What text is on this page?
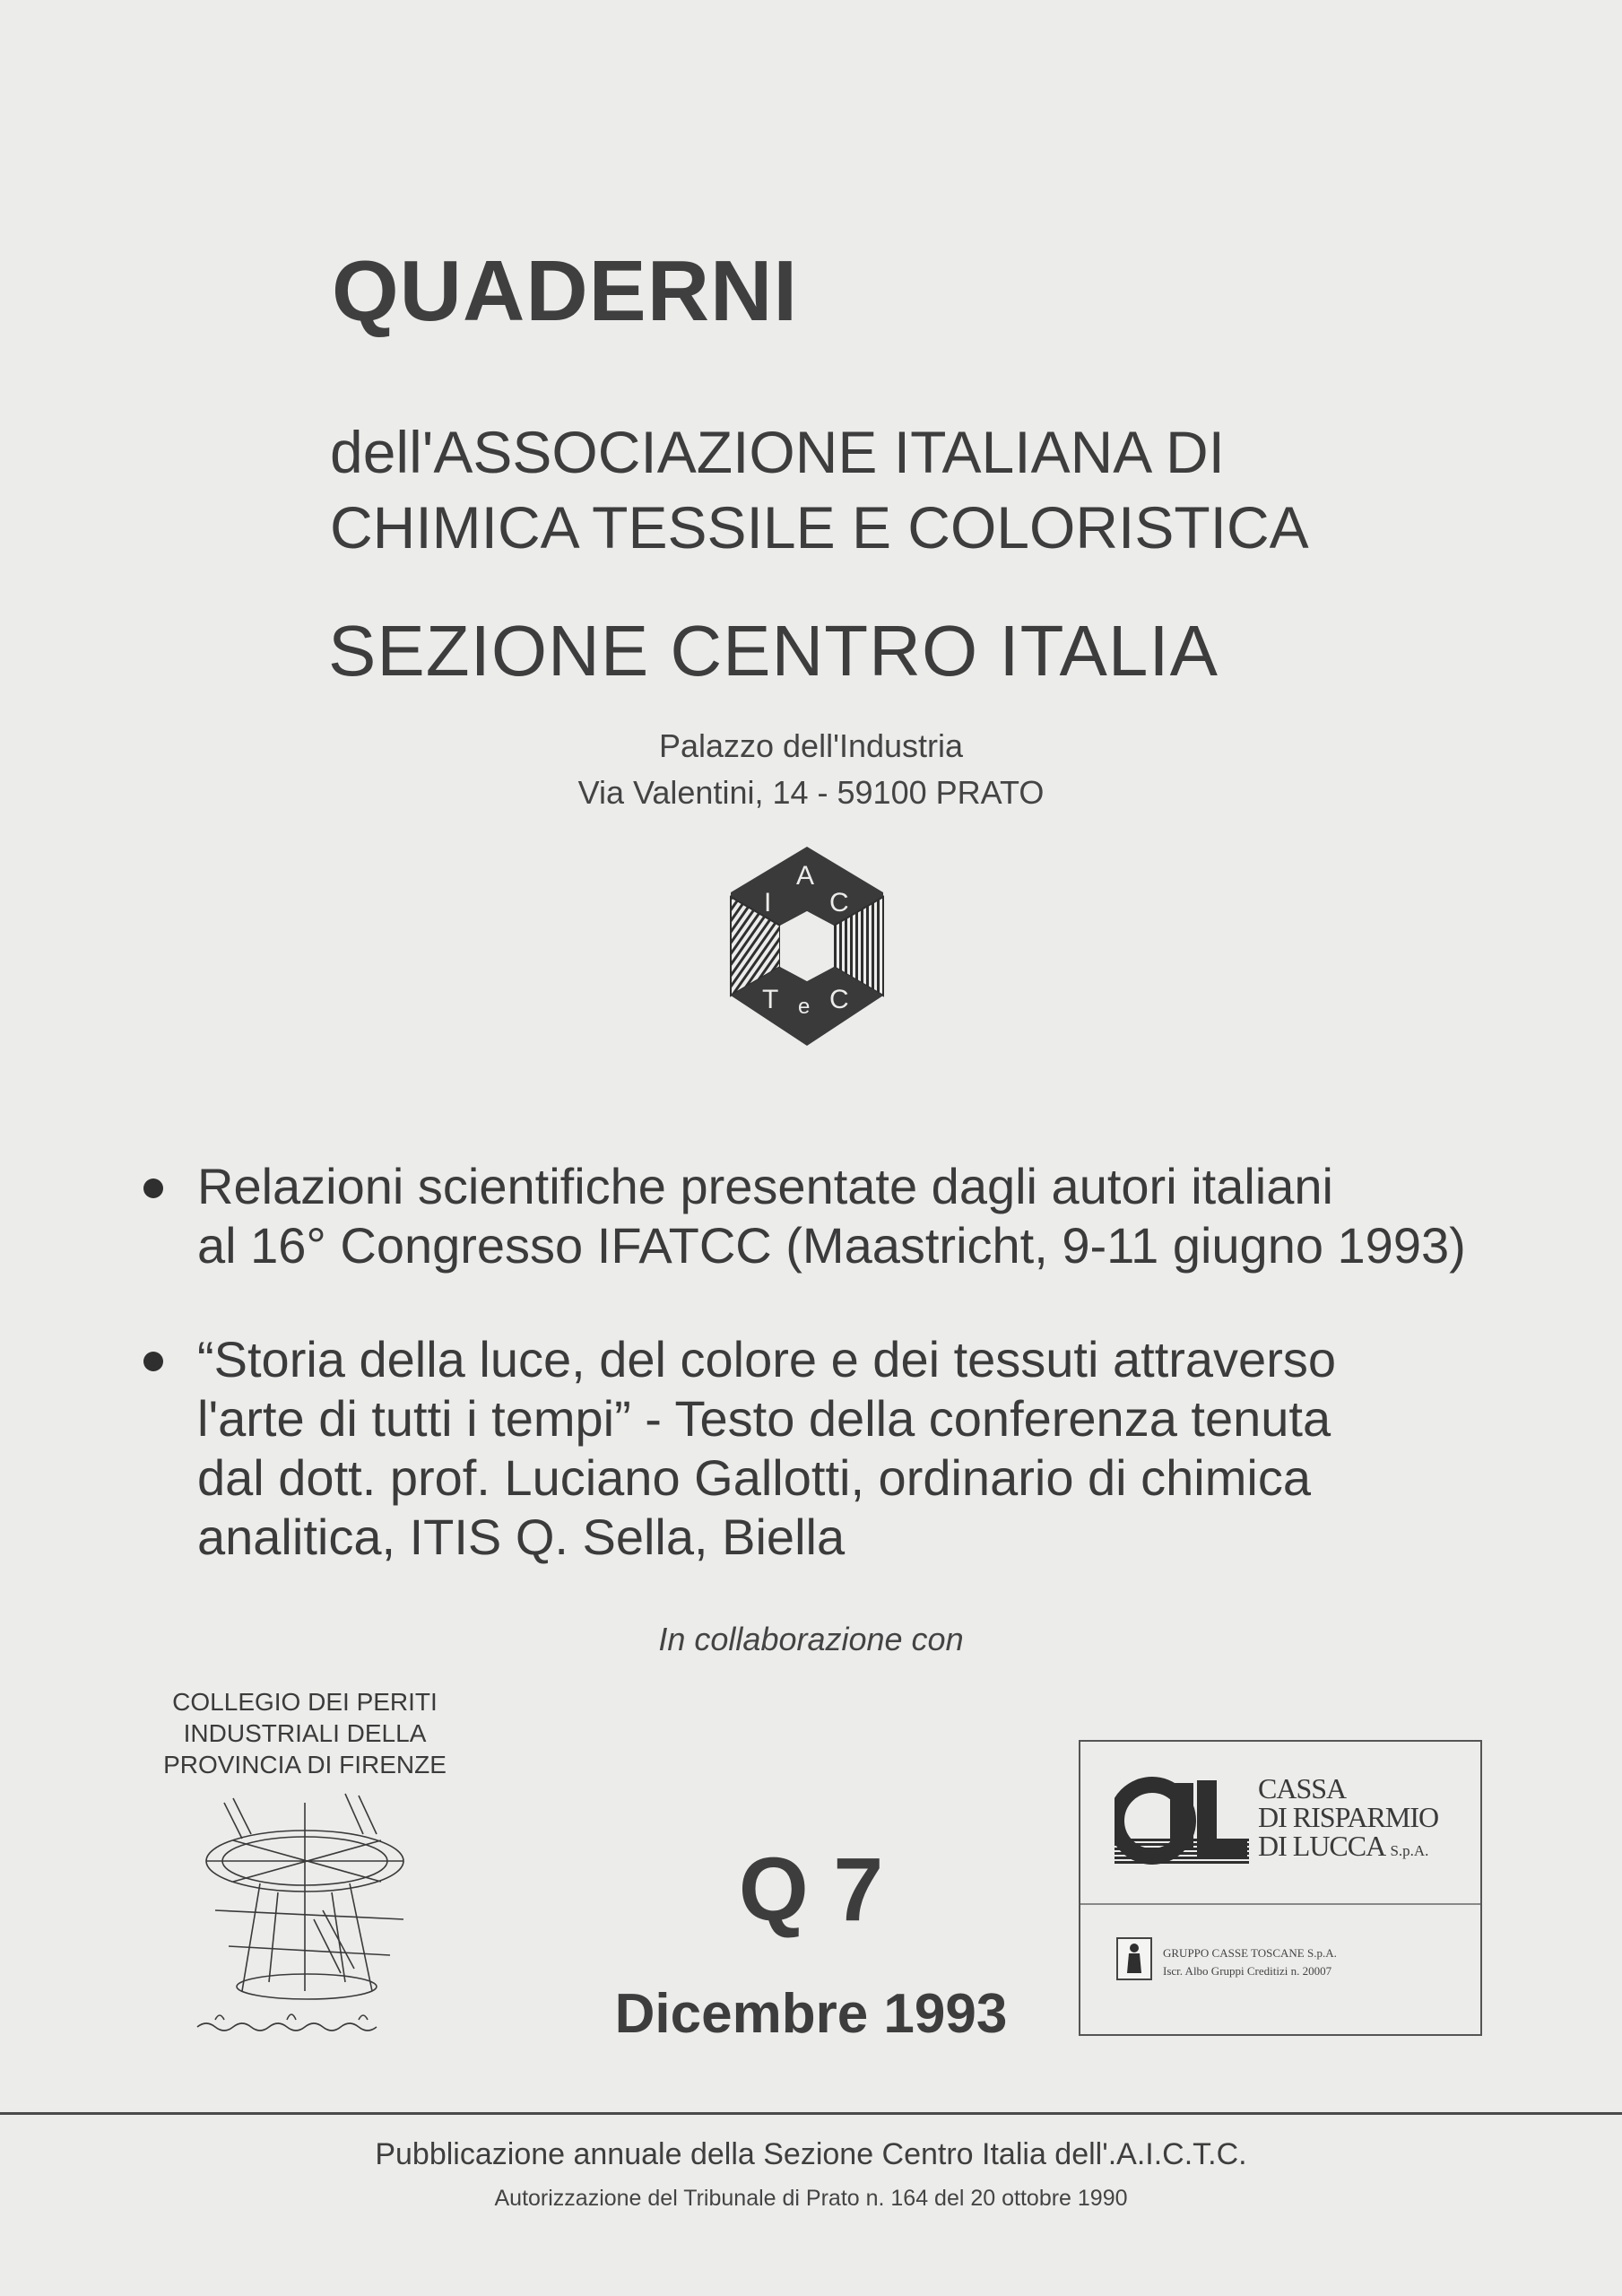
QUADERNI
dell'ASSOCIAZIONE ITALIANA DI
CHIMICA TESSILE E COLORISTICA
SEZIONE CENTRO ITALIA
Palazzo dell'Industria
Via Valentini, 14 - 59100 PRATO
I
A
C
T e C
Relazioni scientifiche presentate dagli autori italiani
al 16° Congresso IFATCC (Maastricht, 9-11 giugno 1993)
“Storia della luce, del colore e dei tessuti attraverso
l'arte di tutti i tempi” - Testo della conferenza tenuta
dal dott. prof. Luciano Gallotti, ordinario di chimica
analitica, ITIS Q. Sella, Biella
In collaborazione con
COLLEGIO DEI PERITI
INDUSTRIALI DELLA
PROVINCIA DI FIRENZE
Q 7
Dicembre 1993
CASSA
DI RISPARMIO
DI LUCCA S.p.A.
GRUPPO CASSE TOSCANE S.p.A.
Iscr. Albo Gruppi Creditizi n. 20007
Pubblicazione annuale della Sezione Centro Italia dell'.A.I.C.T.C.
Autorizzazione del Tribunale di Prato n. 164 del 20 ottobre 1990
